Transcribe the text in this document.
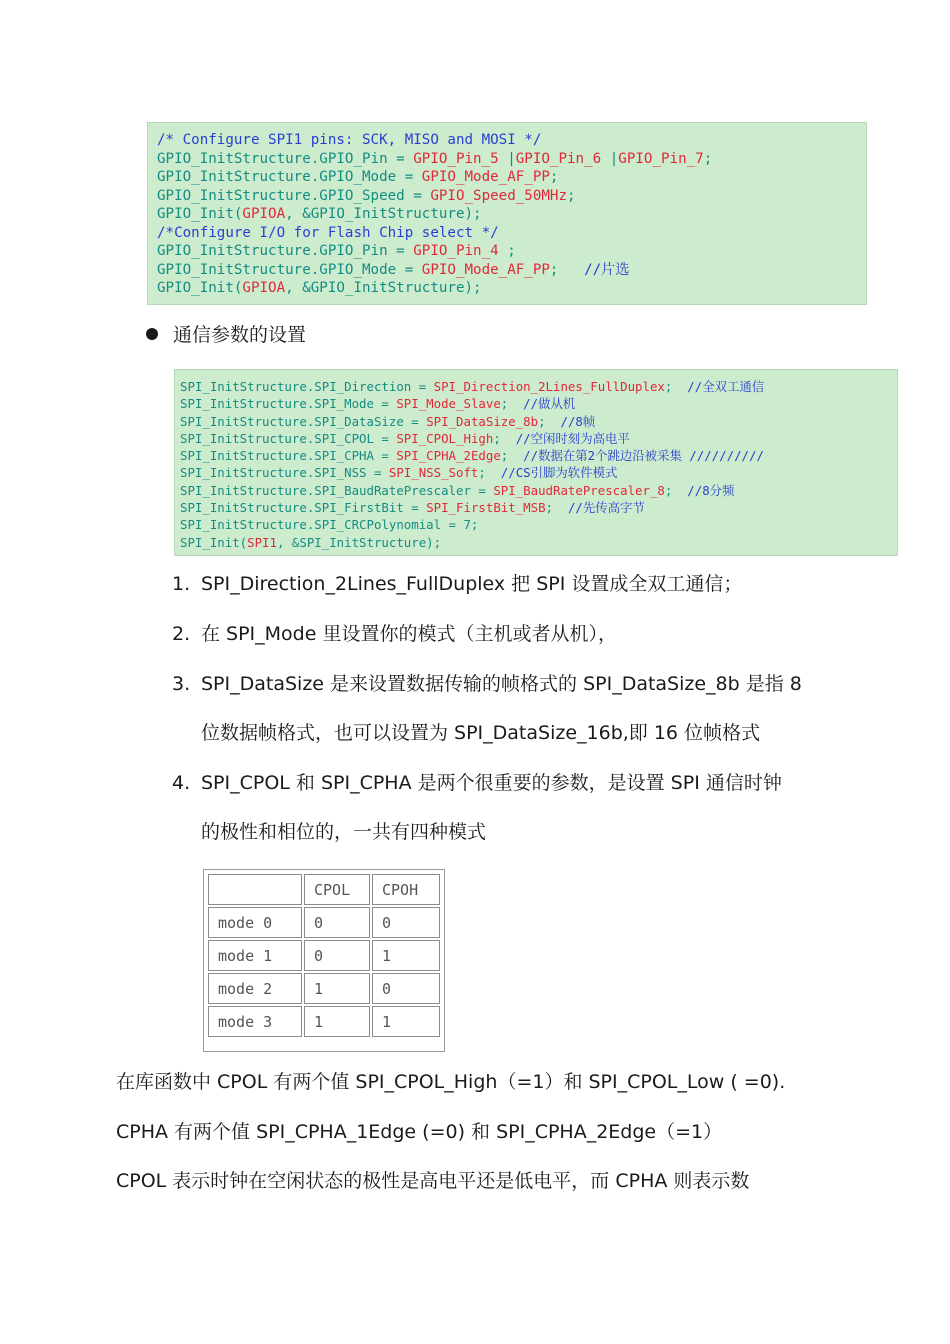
/* Configure SPI1 pins: SCK, MISO and MOSI */
GPIO_InitStructure.GPIO_Pin = GPIO_Pin_5 |GPIO_Pin_6 |GPIO_Pin_7;
GPIO_InitStructure.GPIO_Mode = GPIO_Mode_AF_PP;
GPIO_InitStructure.GPIO_Speed = GPIO_Speed_50MHz;
GPIO_Init(GPIOA, &GPIO_InitStructure);
/*Configure I/O for Flash Chip select */
GPIO_InitStructure.GPIO_Pin = GPIO_Pin_4 ;
GPIO_InitStructure.GPIO_Mode = GPIO_Mode_AF_PP;   //片选
GPIO_Init(GPIOA, &GPIO_InitStructure);
通信参数的设置
SPI_InitStructure.SPI_Direction = SPI_Direction_2Lines_FullDuplex;  //全双工通信
SPI_InitStructure.SPI_Mode = SPI_Mode_Slave;  //做从机
SPI_InitStructure.SPI_DataSize = SPI_DataSize_8b;  //8帧
SPI_InitStructure.SPI_CPOL = SPI_CPOL_High;  //空闲时刻为高电平
SPI_InitStructure.SPI_CPHA = SPI_CPHA_2Edge;  //数据在第2个跳边沿被采集 //////////
SPI_InitStructure.SPI_NSS = SPI_NSS_Soft;  //CS引脚为软件模式
SPI_InitStructure.SPI_BaudRatePrescaler = SPI_BaudRatePrescaler_8;  //8分频
SPI_InitStructure.SPI_FirstBit = SPI_FirstBit_MSB;  //先传高字节
SPI_InitStructure.SPI_CRCPolynomial = 7;
SPI_Init(SPI1, &SPI_InitStructure);
1. SPI_Direction_2Lines_FullDuplex 把 SPI 设置成全双工通信；
2. 在 SPI_Mode 里设置你的模式（主机或者从机），
3. SPI_DataSize 是来设置数据传输的帧格式的 SPI_DataSize_8b 是指 8
位数据帧格式，也可以设置为 SPI_DataSize_16b,即 16 位帧格式
4. SPI_CPOL 和 SPI_CPHA 是两个很重要的参数，是设置 SPI 通信时钟
的极性和相位的，一共有四种模式
	CPOL	CPOH
mode 0	0	0
mode 1	0	1
mode 2	1	0
mode 3	1	1
在库函数中 CPOL 有两个值 SPI_CPOL_High（=1）和 SPI_CPOL_Low ( =0).
CPHA 有两个值 SPI_CPHA_1Edge (=0) 和 SPI_CPHA_2Edge（=1）
CPOL 表示时钟在空闲状态的极性是高电平还是低电平，而 CPHA 则表示数
